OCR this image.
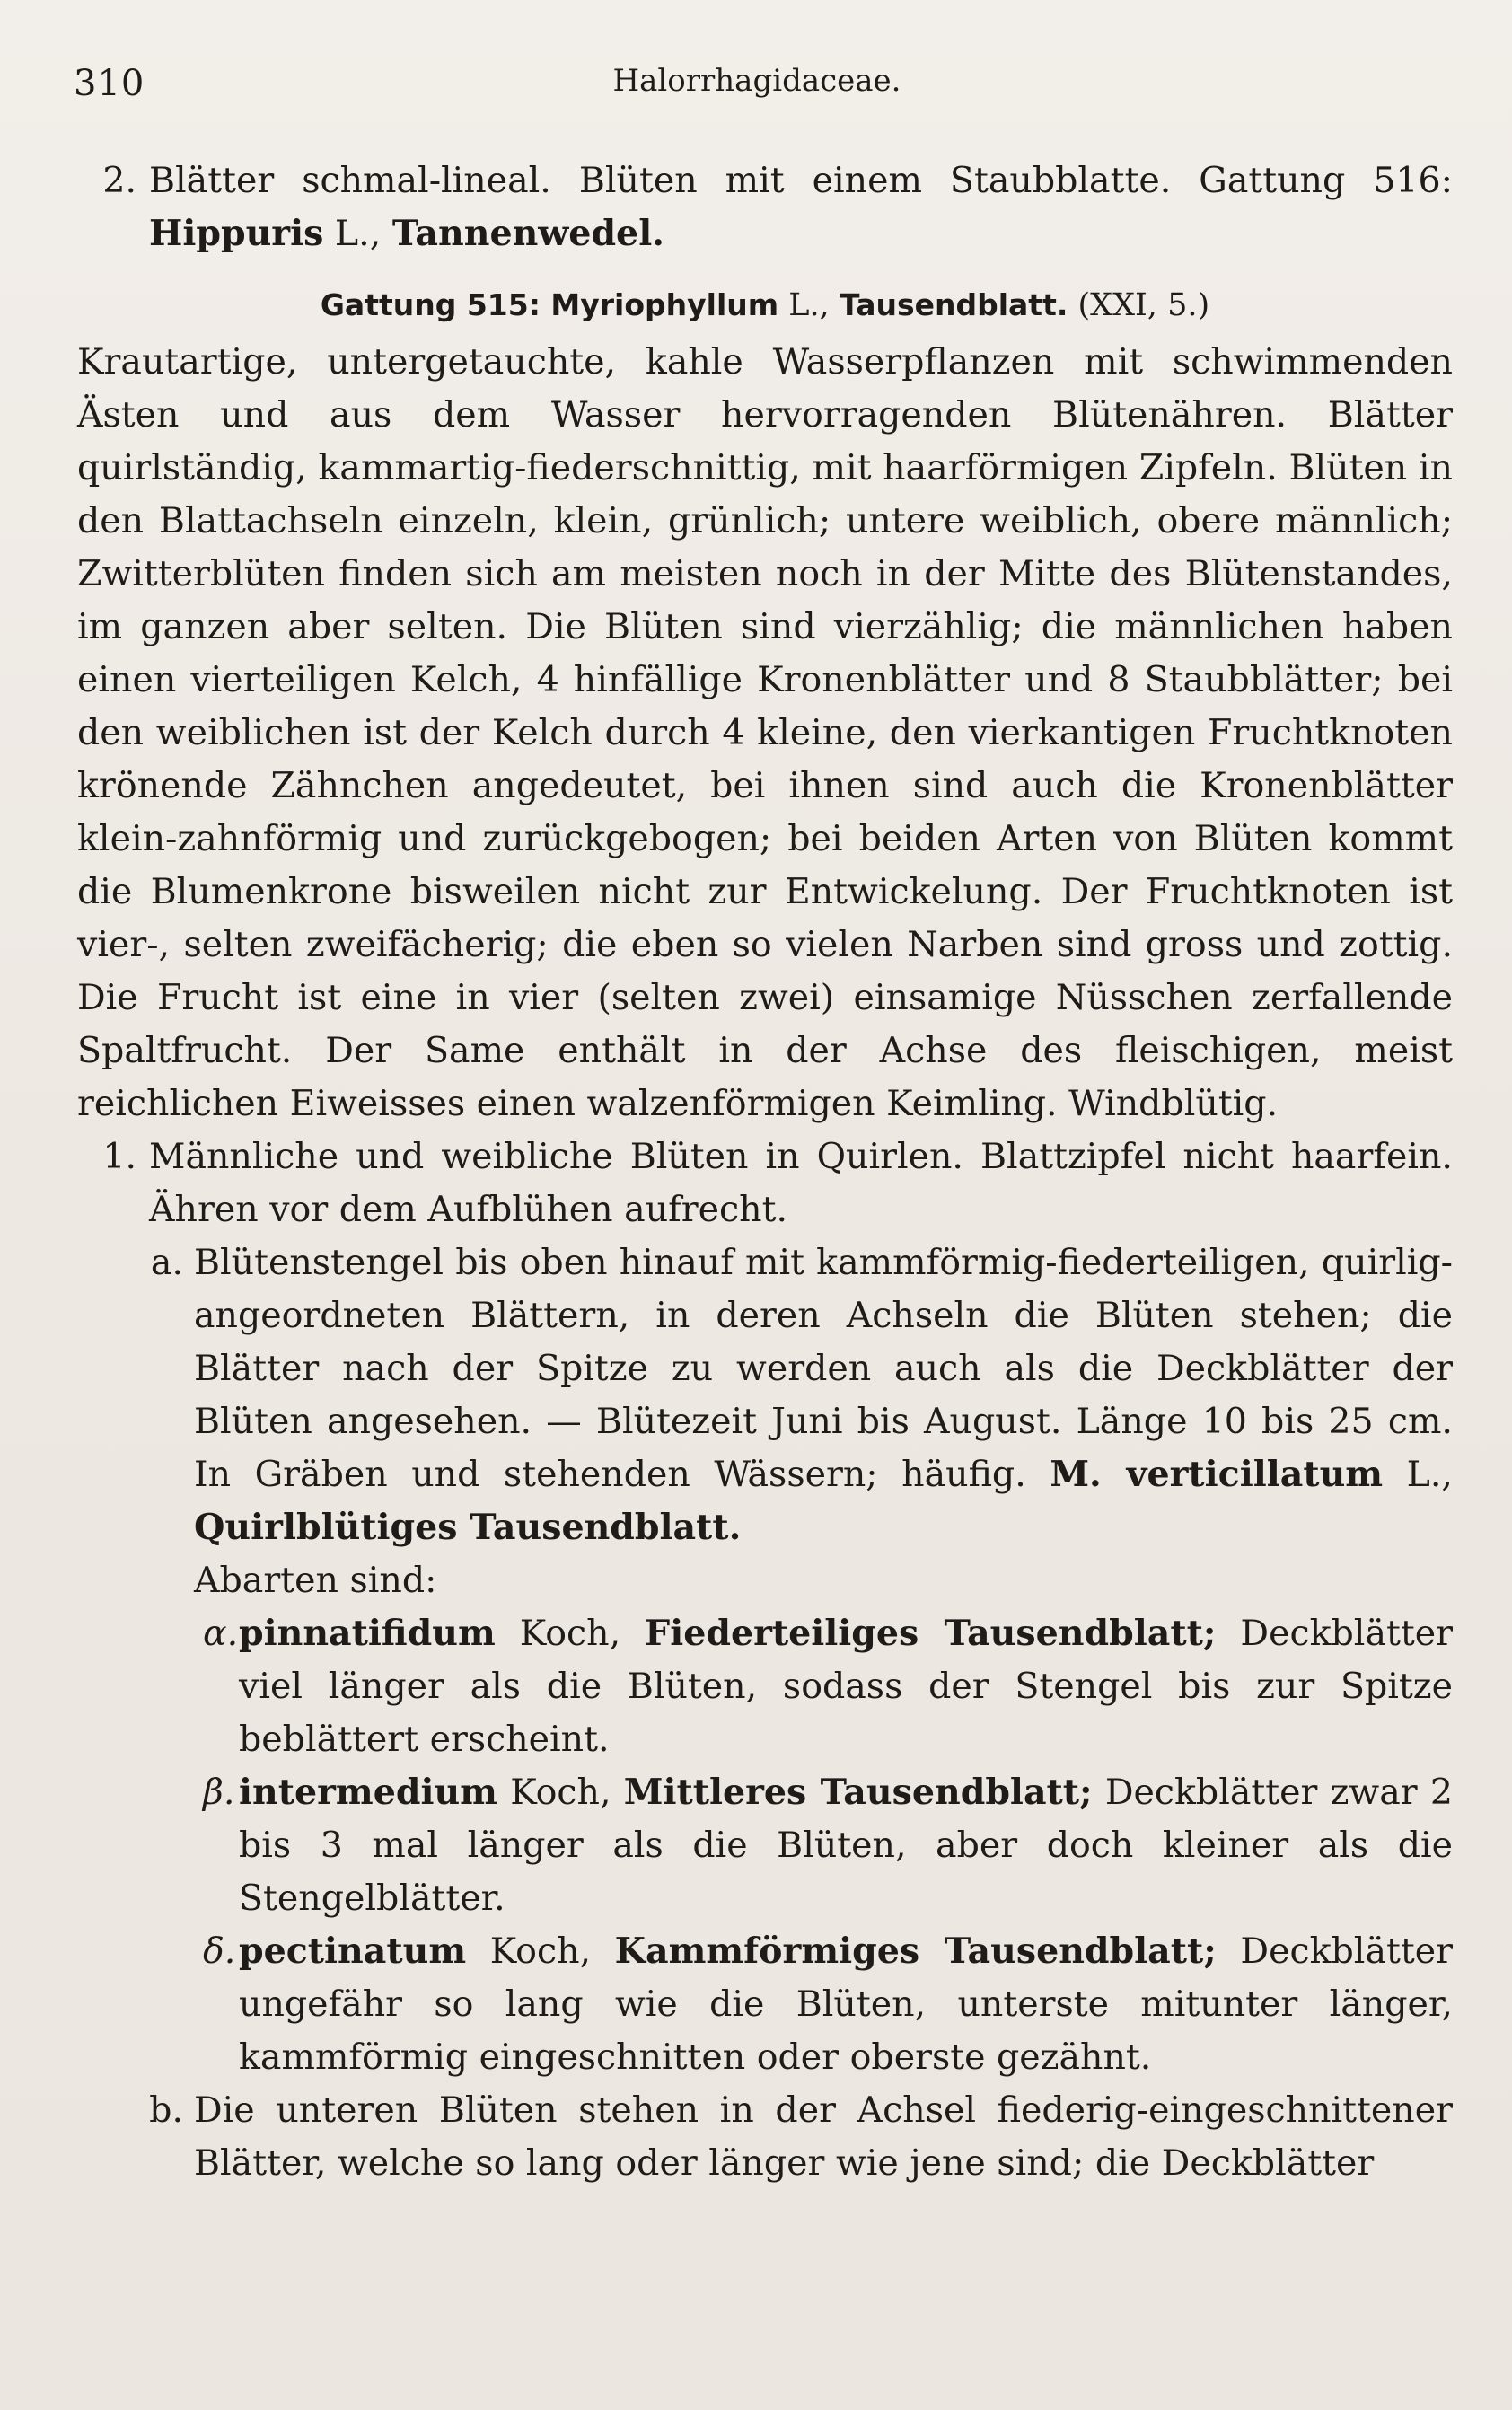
310	Halorrhagidaceae.
2. Blätter schmal-lineal. Blüten mit einem Staubblatte. Gattung 516: Hippuris L., Tannenwedel.

Gattung 515: Myriophyllum L., Tausendblatt. (XXI, 5.)

Krautartige, untergetauchte, kahle Wasserpflanzen mit schwimmenden Ästen und aus dem Wasser hervorragenden Blütenähren. Blätter quirlständig, kammartig-fiederschnittig, mit haarförmigen Zipfeln. Blüten in den Blattachseln einzeln, klein, grünlich; untere weiblich, obere männlich; Zwitterblüten finden sich am meisten noch in der Mitte des Blütenstandes, im ganzen aber selten. Die Blüten sind vierzählig; die männlichen haben einen vierteiligen Kelch, 4 hinfällige Kronenblätter und 8 Staubblätter; bei den weiblichen ist der Kelch durch 4 kleine, den vierkantigen Fruchtknoten krönende Zähnchen angedeutet, bei ihnen sind auch die Kronenblätter klein-zahnförmig und zurückgebogen; bei beiden Arten von Blüten kommt die Blumenkrone bisweilen nicht zur Entwickelung. Der Fruchtknoten ist vier-, selten zweifächerig; die eben so vielen Narben sind gross und zottig. Die Frucht ist eine in vier (selten zwei) einsamige Nüsschen zerfallende Spaltfrucht. Der Same enthält in der Achse des fleischigen, meist reichlichen Eiweisses einen walzenförmigen Keimling. Windblütig.

1. Männliche und weibliche Blüten in Quirlen. Blattzipfel nicht haarfein. Ähren vor dem Aufblühen aufrecht.
a. Blütenstengel bis oben hinauf mit kammförmig-fiederteiligen, quirlig-angeordneten Blättern, in deren Achseln die Blüten stehen; die Blätter nach der Spitze zu werden auch als die Deckblätter der Blüten angesehen. — Blütezeit Juni bis August. Länge 10 bis 25 cm. In Gräben und stehenden Wässern; häufig. M. verticillatum L., Quirlblütiges Tausendblatt.
Abarten sind:
α. pinnatifidum Koch, Fiederteiliges Tausendblatt; Deckblätter viel länger als die Blüten, sodass der Stengel bis zur Spitze beblättert erscheint.
β. intermedium Koch, Mittleres Tausendblatt; Deckblätter zwar 2 bis 3 mal länger als die Blüten, aber doch kleiner als die Stengelblätter.
δ. pectinatum Koch, Kammförmiges Tausendblatt; Deckblätter ungefähr so lang wie die Blüten, unterste mitunter länger, kammförmig eingeschnitten oder oberste gezähnt.
b. Die unteren Blüten stehen in der Achsel fiederig-eingeschnittener Blätter, welche so lang oder länger wie jene sind; die Deckblätter
